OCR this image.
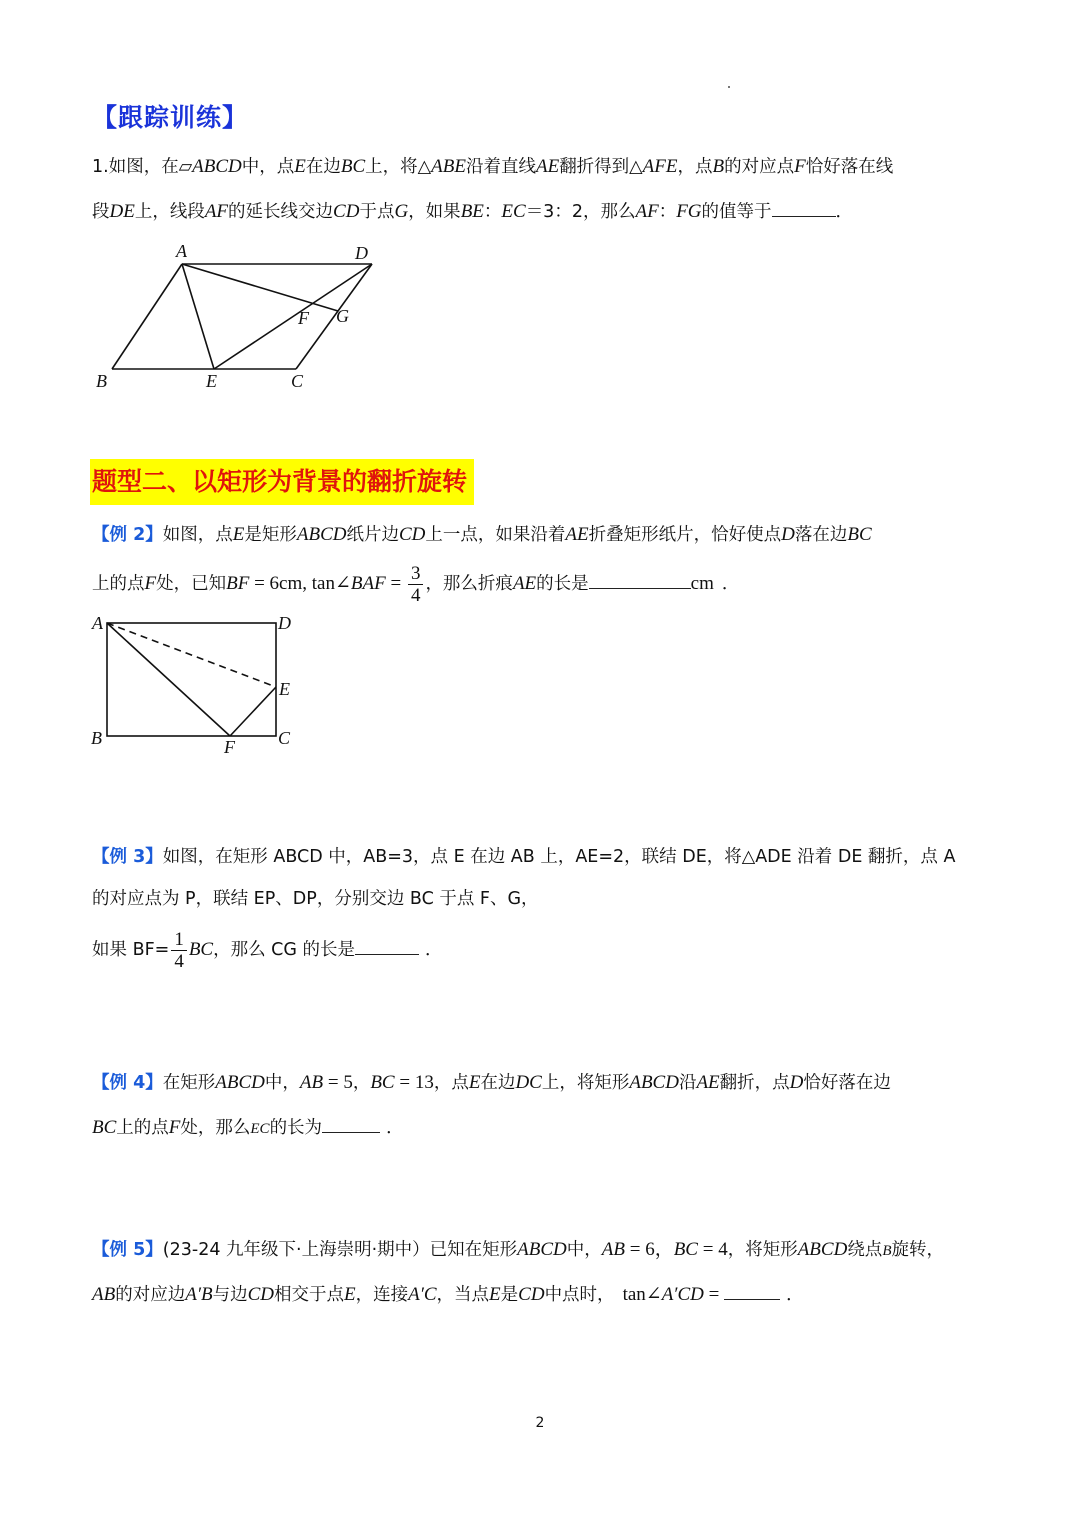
【跟踪训练】
1.如图，在▱ABCD中，点E在边BC上，将△ABE沿着直线AE翻折得到△AFE，点B的对应点F恰好落在线
段DE上，线段AF的延长线交边CD于点G，如果BE：EC＝3：2，那么AF：FG的值等于	．
A	D
B	E	C
F G
题型二、以矩形为背景的翻折旋转
【例 2】如图，点E是矩形ABCD纸片边CD上一点，如果沿着AE折叠矩形纸片，恰好使点D落在边BC
上的点F处，已知BF = 6cm, tan∠BAF = $\frac{3}{4}$ ，那么折痕AE的长是	cm ．
A	D
E
B	F C
【例 3】如图，在矩形 ABCD 中，AB=3，点 E 在边 AB 上，AE=2，联结 DE，将△ADE 沿着 DE 翻折，点 A
的对应点为 P，联结 EP、DP，分别交边 BC 于点 F、G，
如果 $BF= \frac{1}{4}$ BC，那么 CG 的长是	．
【例 4】在矩形ABCD中，AB = 5，BC = 13，点E在边DC上，将矩形ABCD沿AE翻折，点D恰好落在边
BC上的点F处，那么EC的长为	．
【例 5】(23-24 九年级下·上海崇明·期中）已知在矩形ABCD中，AB = 6，BC = 4，将矩形ABCD绕点B旋转，
AB的对应边A′B与边CD相交于点E，连接A′C，当点E是CD中点时， tan∠A′CD =	．
2
